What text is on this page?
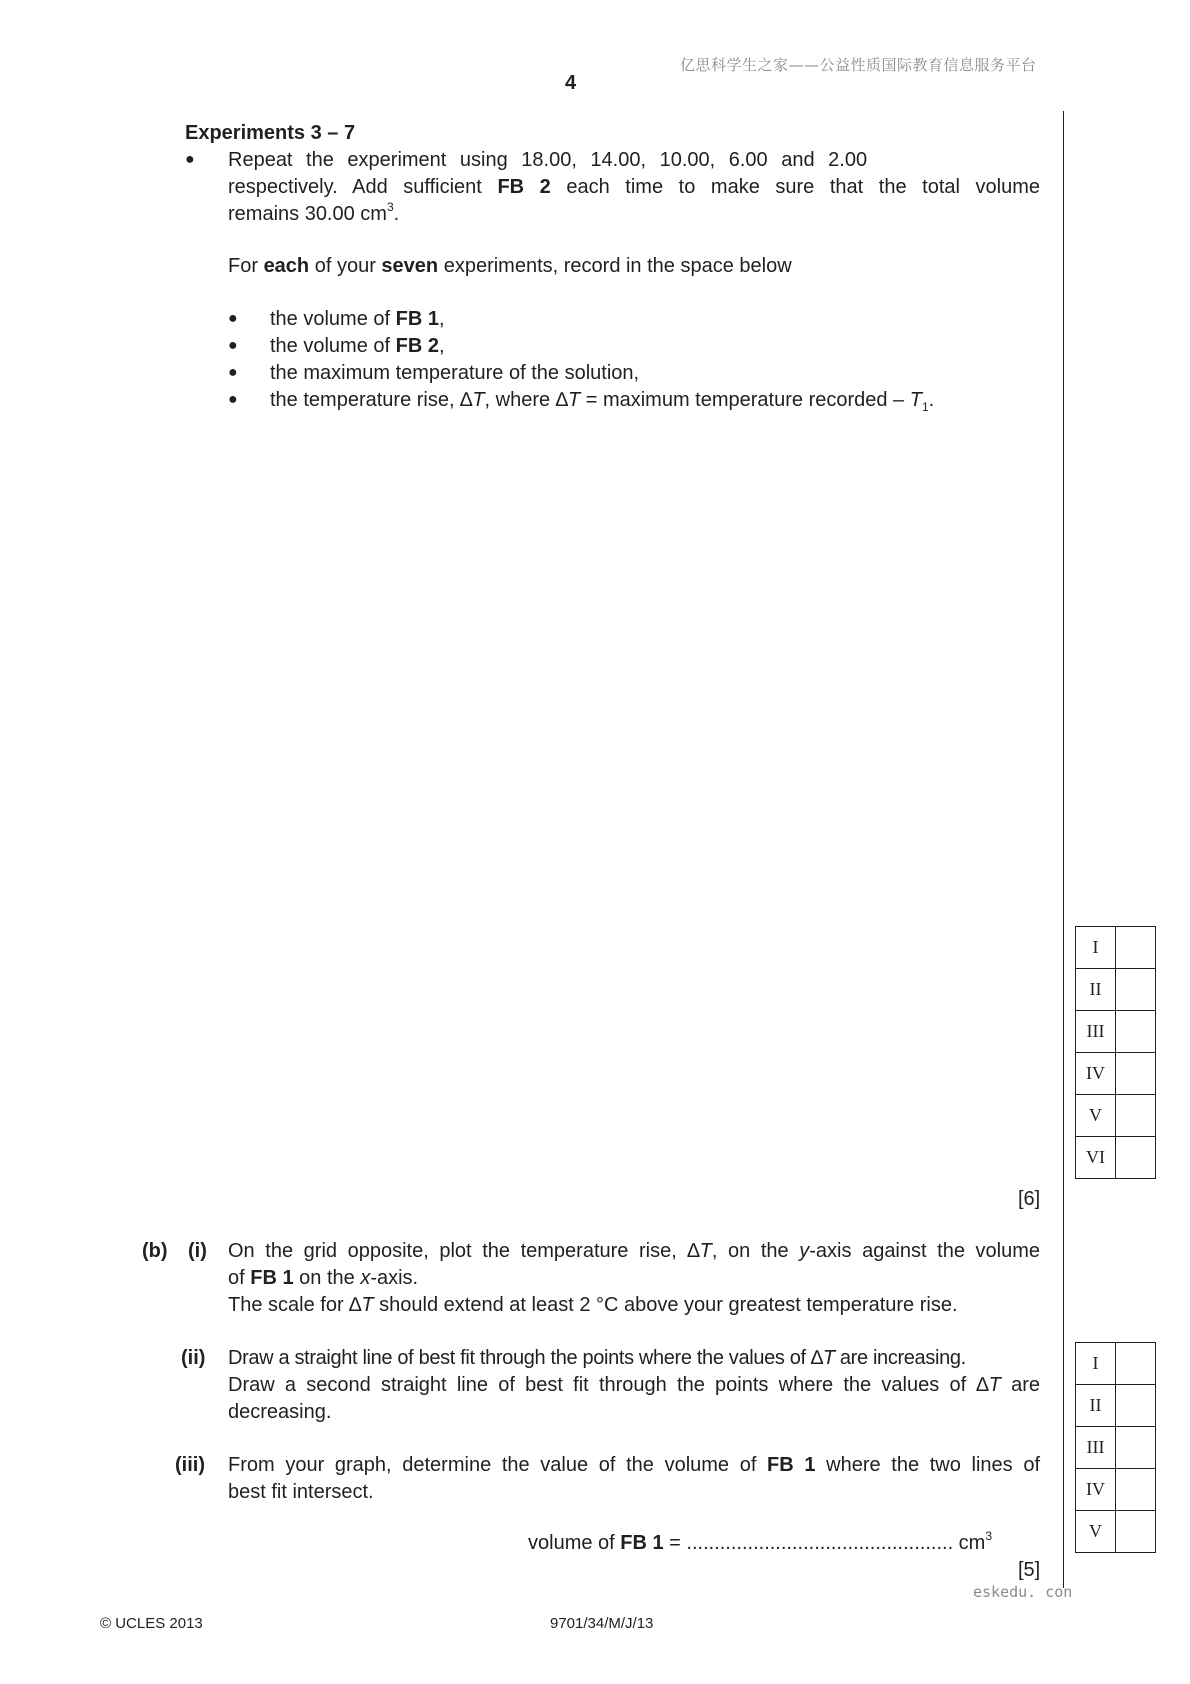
亿思科学生之家——公益性质国际教育信息服务平台
4
Experiments 3 – 7
● Repeat the experiment using 18.00, 14.00, 10.00, 6.00 and 2.00
respectively. Add sufficient FB 2 each time to make sure that the total volume
remains 30.00 $cm^3$.
For each of your seven experiments, record in the space below
● the volume of FB 1,
● the volume of FB 2,
● the maximum temperature of the solution,
● the temperature rise, ∆T, where ∆T = maximum temperature recorded – $T_1$.
I	
II	
III	
IV	
V	
VI	
[6]
(b) (i) On the grid opposite, plot the temperature rise, ∆T, on the y-axis against the volume
of FB 1 on the x-axis.
The scale for ∆T should extend at least 2 °C above your greatest temperature rise.
(ii) Draw a straight line of best fit through the points where the values of ∆T are increasing.
Draw a second straight line of best fit through the points where the values of ∆T are
decreasing.
(iii) From your graph, determine the value of the volume of FB 1 where the two lines of
best fit intersect.
volume of FB 1 = ................................................ $cm^3$
[5]
I	
II	
III	
IV	
V	
eskedu. con
© UCLES 2013	9701/34/M/J/13
